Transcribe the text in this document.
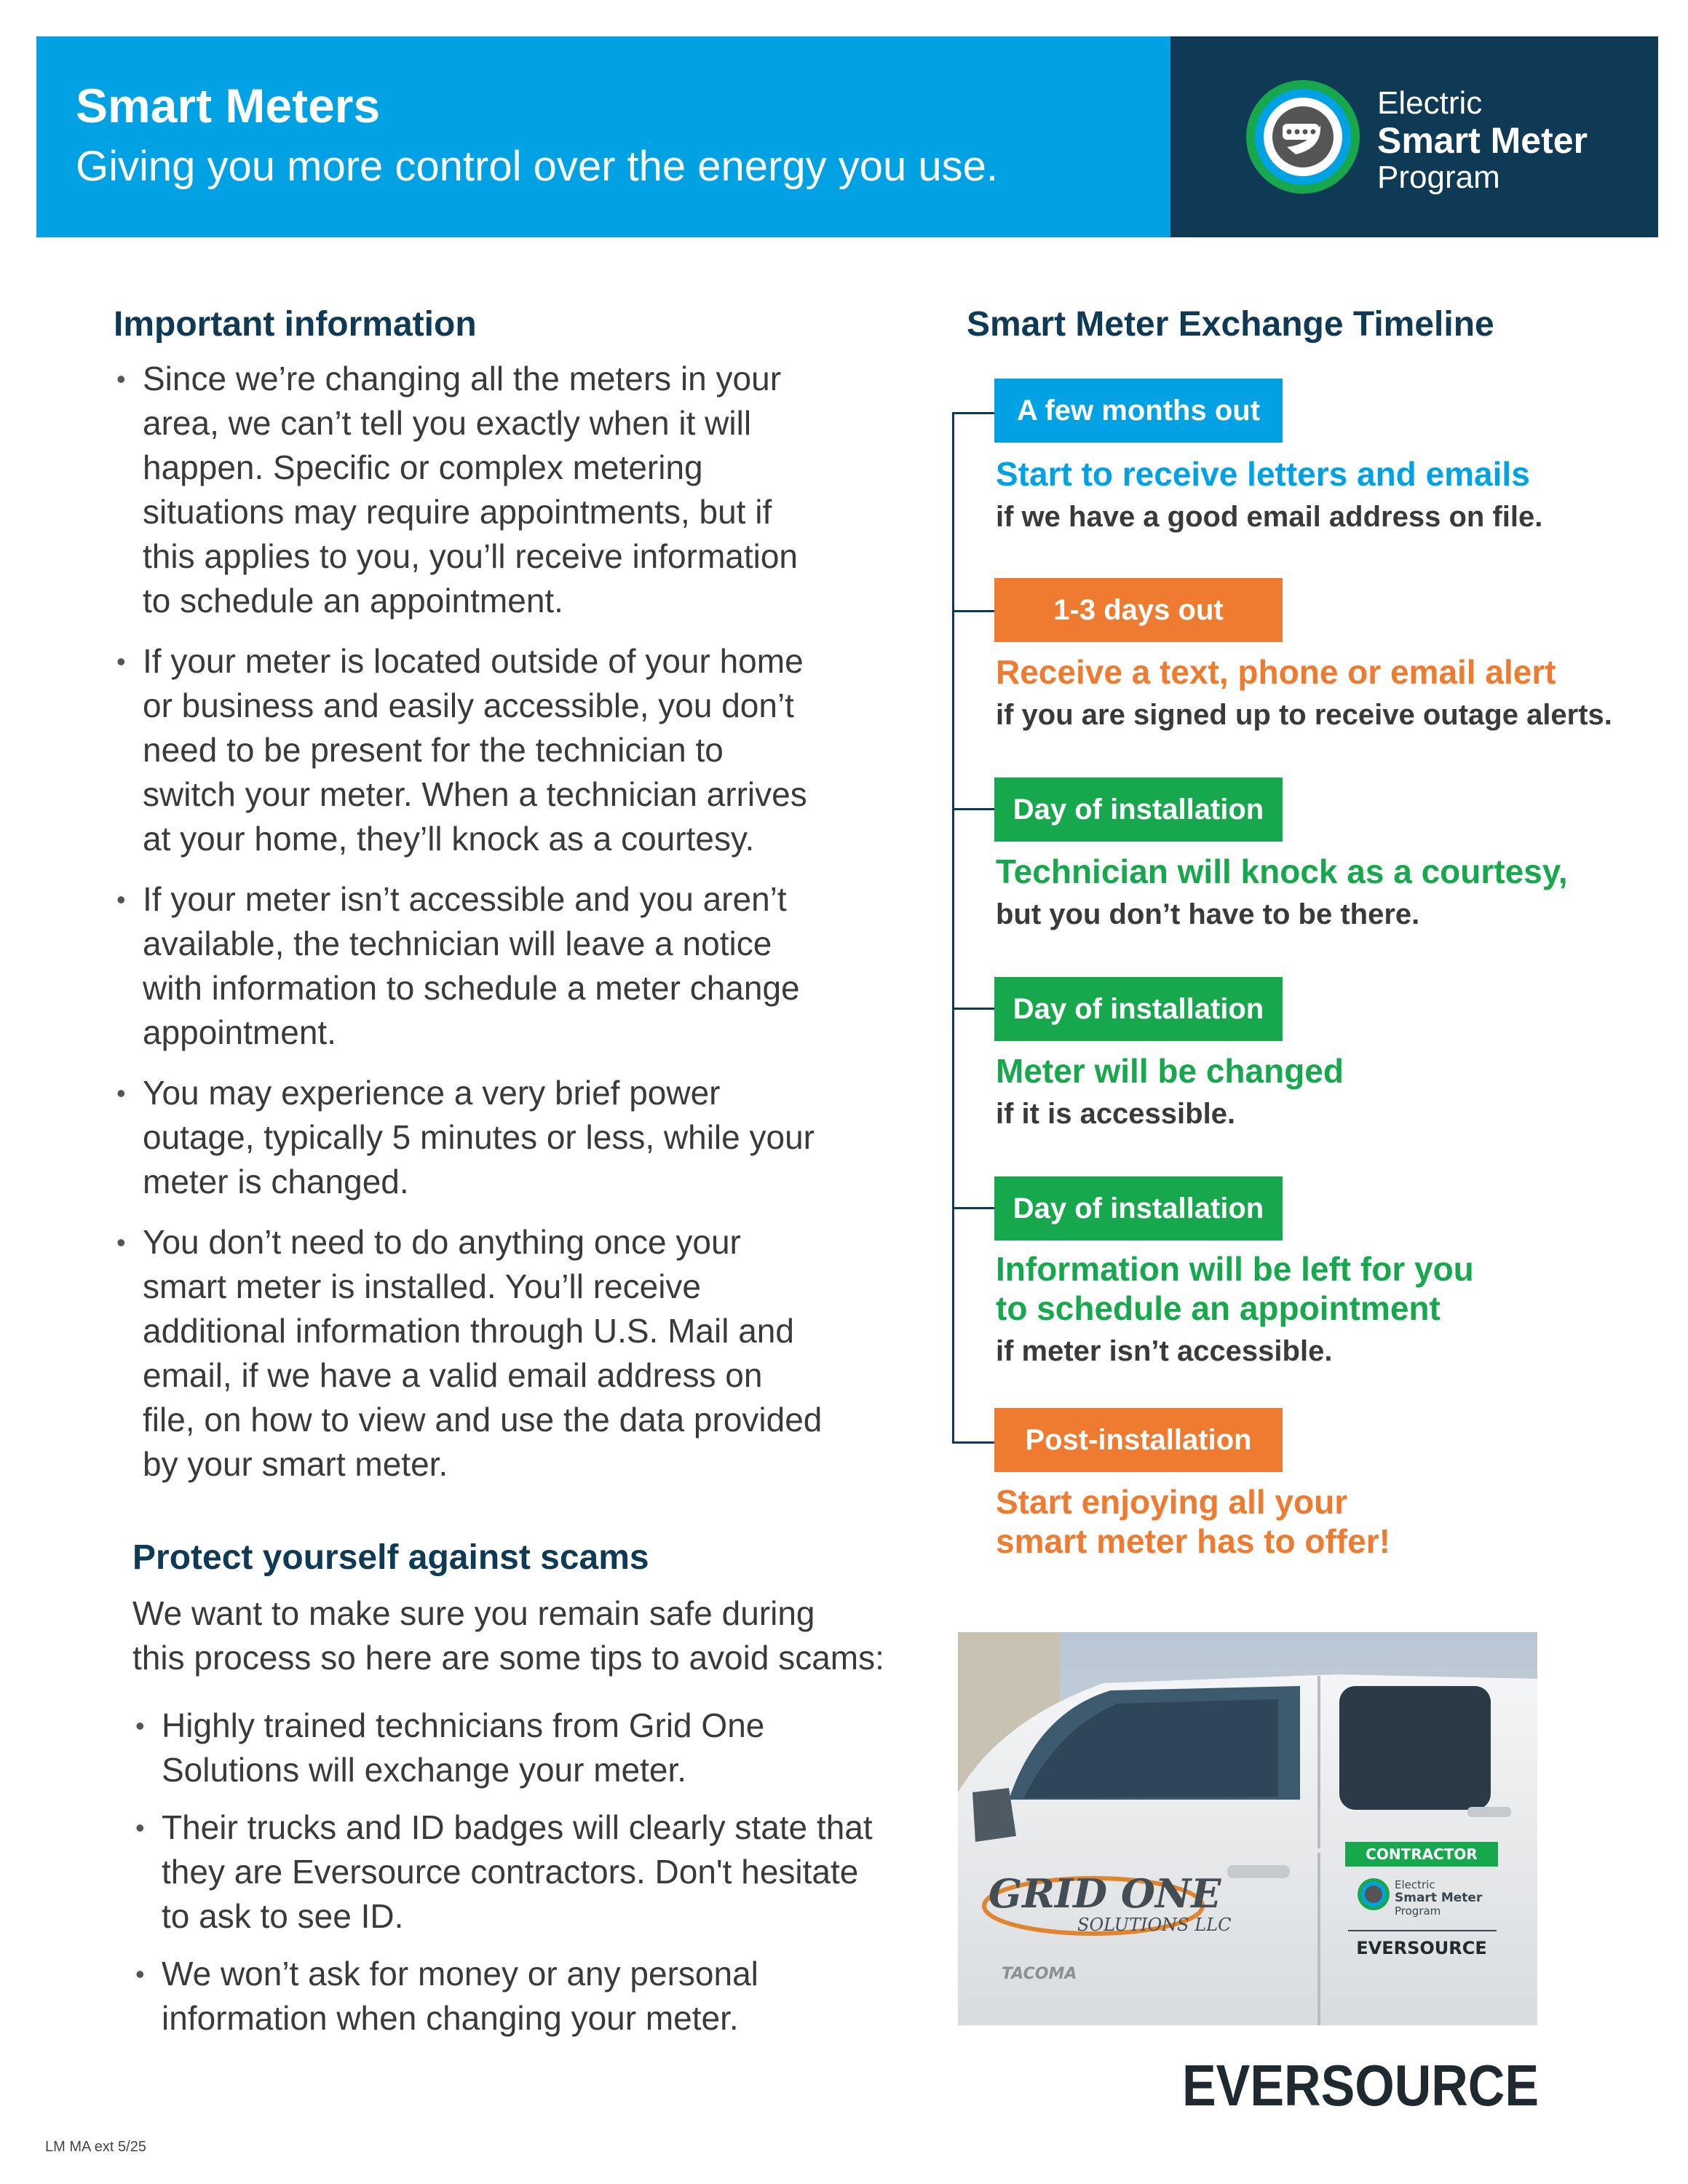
Smart Meters

Giving you more control over the energy you use.

Electric
Smart Meter
Program
Important information
• Since we’re changing all the meters in your
area, we can’t tell you exactly when it will
happen. Specific or complex metering
situations may require appointments, but if
this applies to you, you’ll receive information
to schedule an appointment.
• If your meter is located outside of your home
or business and easily accessible, you don’t
need to be present for the technician to
switch your meter. When a technician arrives
at your home, they’ll knock as a courtesy.
• If your meter isn’t accessible and you aren’t
available, the technician will leave a notice
with information to schedule a meter change
appointment.
• You may experience a very brief power
outage, typically 5 minutes or less, while your
meter is changed.
• You don’t need to do anything once your
smart meter is installed. You’ll receive
additional information through U.S. Mail and
email, if we have a valid email address on
file, on how to view and use the data provided
by your smart meter.
Protect yourself against scams

We want to make sure you remain safe during
this process so here are some tips to avoid scams:

• Highly trained technicians from Grid One
Solutions will exchange your meter.
• Their trucks and ID badges will clearly state that
they are Eversource contractors. Don't hesitate
to ask to see ID.
• We won’t ask for money or any personal
information when changing your meter.
Smart Meter Exchange Timeline
A few months out

Start to receive letters and emails

if we have a good email address on file.

1-3 days out

Receive a text, phone or email alert

if you are signed up to receive outage alerts.

Day of installation

Technician will knock as a courtesy,

but you don’t have to be there.

Day of installation

Meter will be changed

if it is accessible.

Day of installation

Information will be left for you
to schedule an appointment

if meter isn’t accessible.

Post-installation

Start enjoying all your
smart meter has to offer!

GRID ONE
SOLUTIONS LLC
TACOMA
CONTRACTOR
Electric
Smart Meter
Program
EVERSOURCE
EVERSOURCE
LM MA ext 5/25
